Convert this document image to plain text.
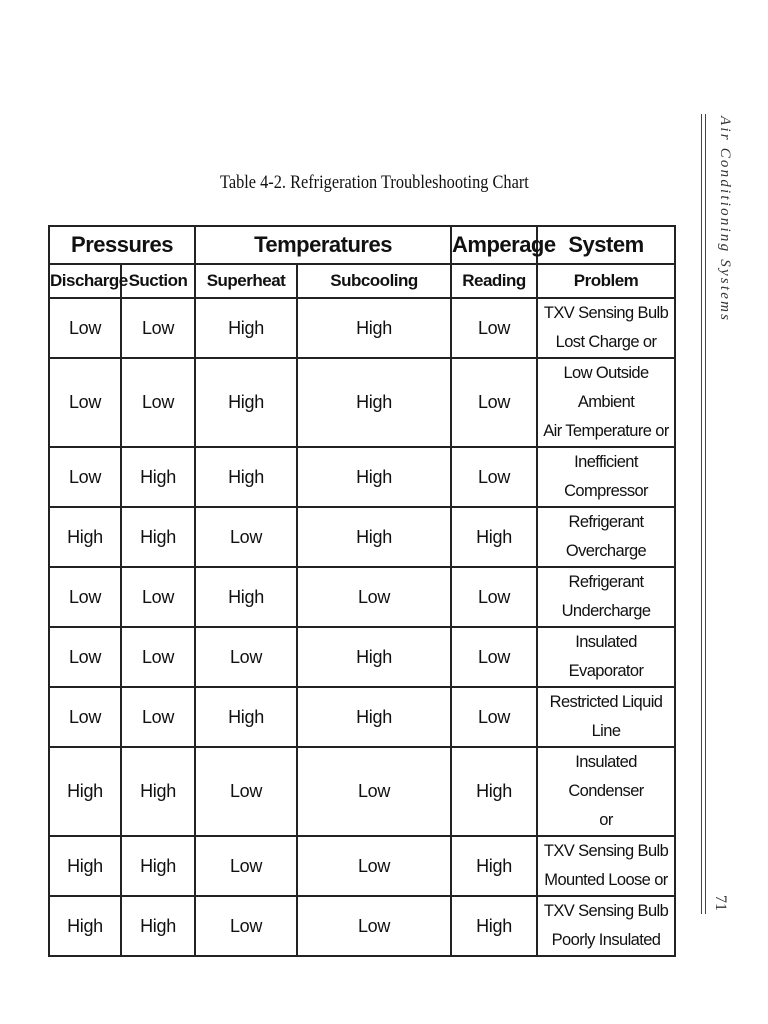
Table 4-2. Refrigeration Troubleshooting Chart
Pressures		Temperatures		Amperage	System
Discharge	Suction	Superheat	Subcooling	Reading	Problem
Low	Low	High	High	Low	TXV Sensing Bulb
Lost Charge or

Low	Low	High	High	Low	Low Outside Ambient
Air Temperature or

Low	High	High	High	Low	Inefficient Compressor

High	High	Low	High	High	Refrigerant
Overcharge

Low	Low	High	Low	Low	Refrigerant
Undercharge

Low	Low	Low	High	Low	Insulated Evaporator

Low	Low	High	High	Low	Restricted Liquid Line

High	High	Low	Low	High	Insulated Condenser
or

High	High	Low	Low	High	TXV Sensing Bulb
Mounted Loose or

High	High	Low	Low	High	TXV Sensing Bulb
Poorly Insulated
Air Conditioning Systems
71
